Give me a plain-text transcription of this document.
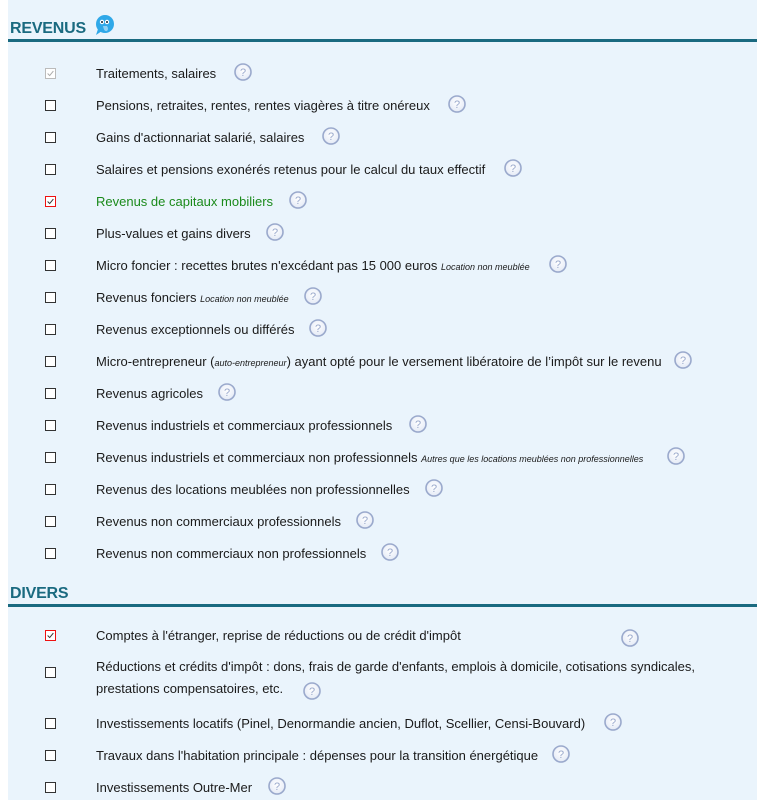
REVENUS
DIVERS
Traitements, salaires ?
Pensions, retraites, rentes, rentes viagères à titre onéreux ?
Gains d'actionnariat salarié, salaires ?
Salaires et pensions exonérés retenus pour le calcul du taux effectif ?
Revenus de capitaux mobiliers ?
Plus-values et gains divers ?
Micro foncier : recettes brutes n'excédant pas 15 000 euros Location non meublée ?
Revenus fonciers Location non meublée ?
Revenus exceptionnels ou différés ?
Micro-entrepreneur (auto-entrepreneur) ayant opté pour le versement libératoire de l’impôt sur le revenu ?
Revenus agricoles ?
Revenus industriels et commerciaux professionnels ?
Revenus industriels et commerciaux non professionnels Autres que les locations meublées non professionnelles	?
Revenus des locations meublées non professionnelles ?
Revenus non commerciaux professionnels ?
Revenus non commerciaux non professionnels ?
Comptes à l'étranger, reprise de réductions ou de crédit d'impôt	?
Réductions et crédits d'impôt : dons, frais de garde d'enfants, emplois à domicile, cotisations syndicales, prestations compensatoires, etc.	?
Investissements locatifs (Pinel, Denormandie ancien, Duflot, Scellier, Censi-Bouvard) ?
Travaux dans l'habitation principale : dépenses pour la transition énergétique ?
Investissements Outre-Mer ?
